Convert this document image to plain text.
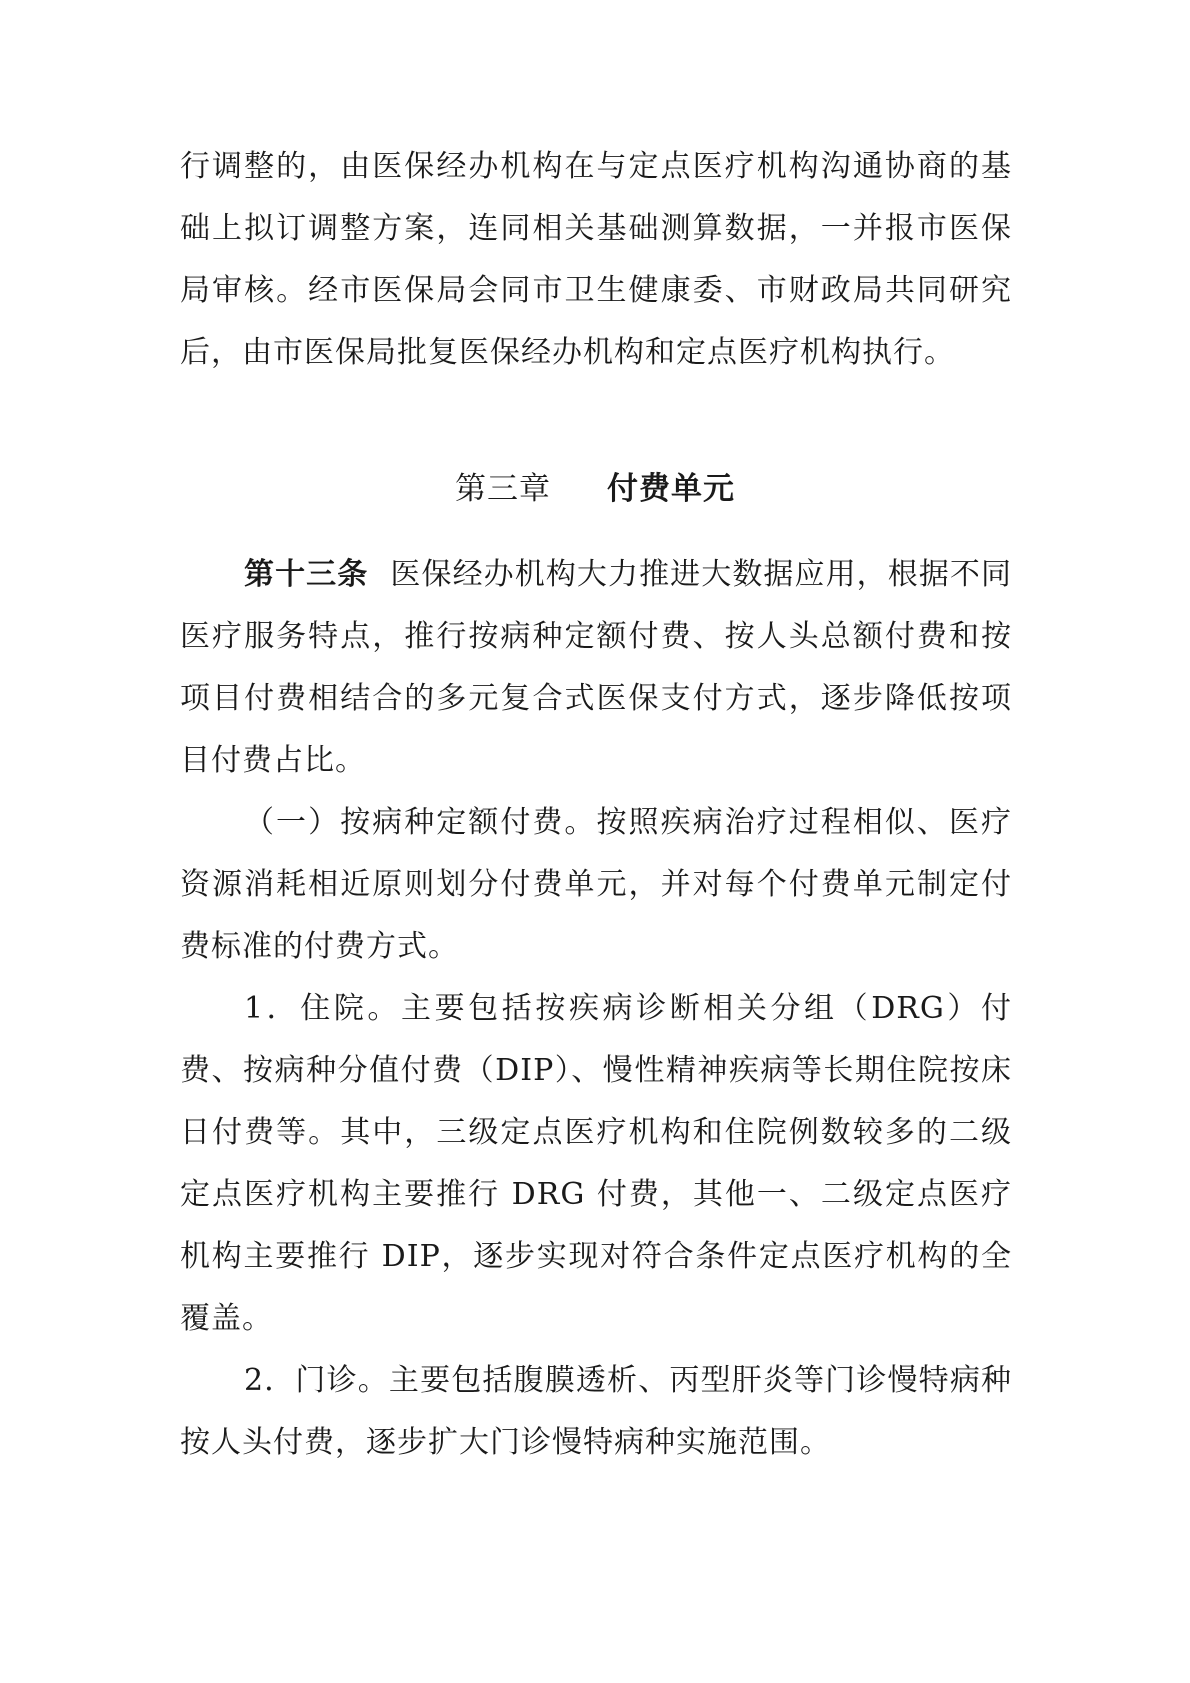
行调整的，由医保经办机构在与定点医疗机构沟通协商的基础上拟订调整方案，连同相关基础测算数据，一并报市医保局审核。经市医保局会同市卫生健康委、市财政局共同研究后，由市医保局批复医保经办机构和定点医疗机构执行。

第三章 付费单元

第十三条 医保经办机构大力推进大数据应用，根据不同医疗服务特点，推行按病种定额付费、按人头总额付费和按项目付费相结合的多元复合式医保支付方式，逐步降低按项目付费占比。

（一）按病种定额付费。按照疾病治疗过程相似、医疗资源消耗相近原则划分付费单元，并对每个付费单元制定付费标准的付费方式。

1．住院。主要包括按疾病诊断相关分组（DRG）付费、按病种分值付费（DIP）、慢性精神疾病等长期住院按床日付费等。其中，三级定点医疗机构和住院例数较多的二级定点医疗机构主要推行 DRG 付费，其他一、二级定点医疗机构主要推行 DIP，逐步实现对符合条件定点医疗机构的全覆盖。

2．门诊。主要包括腹膜透析、丙型肝炎等门诊慢特病种按人头付费，逐步扩大门诊慢特病种实施范围。
